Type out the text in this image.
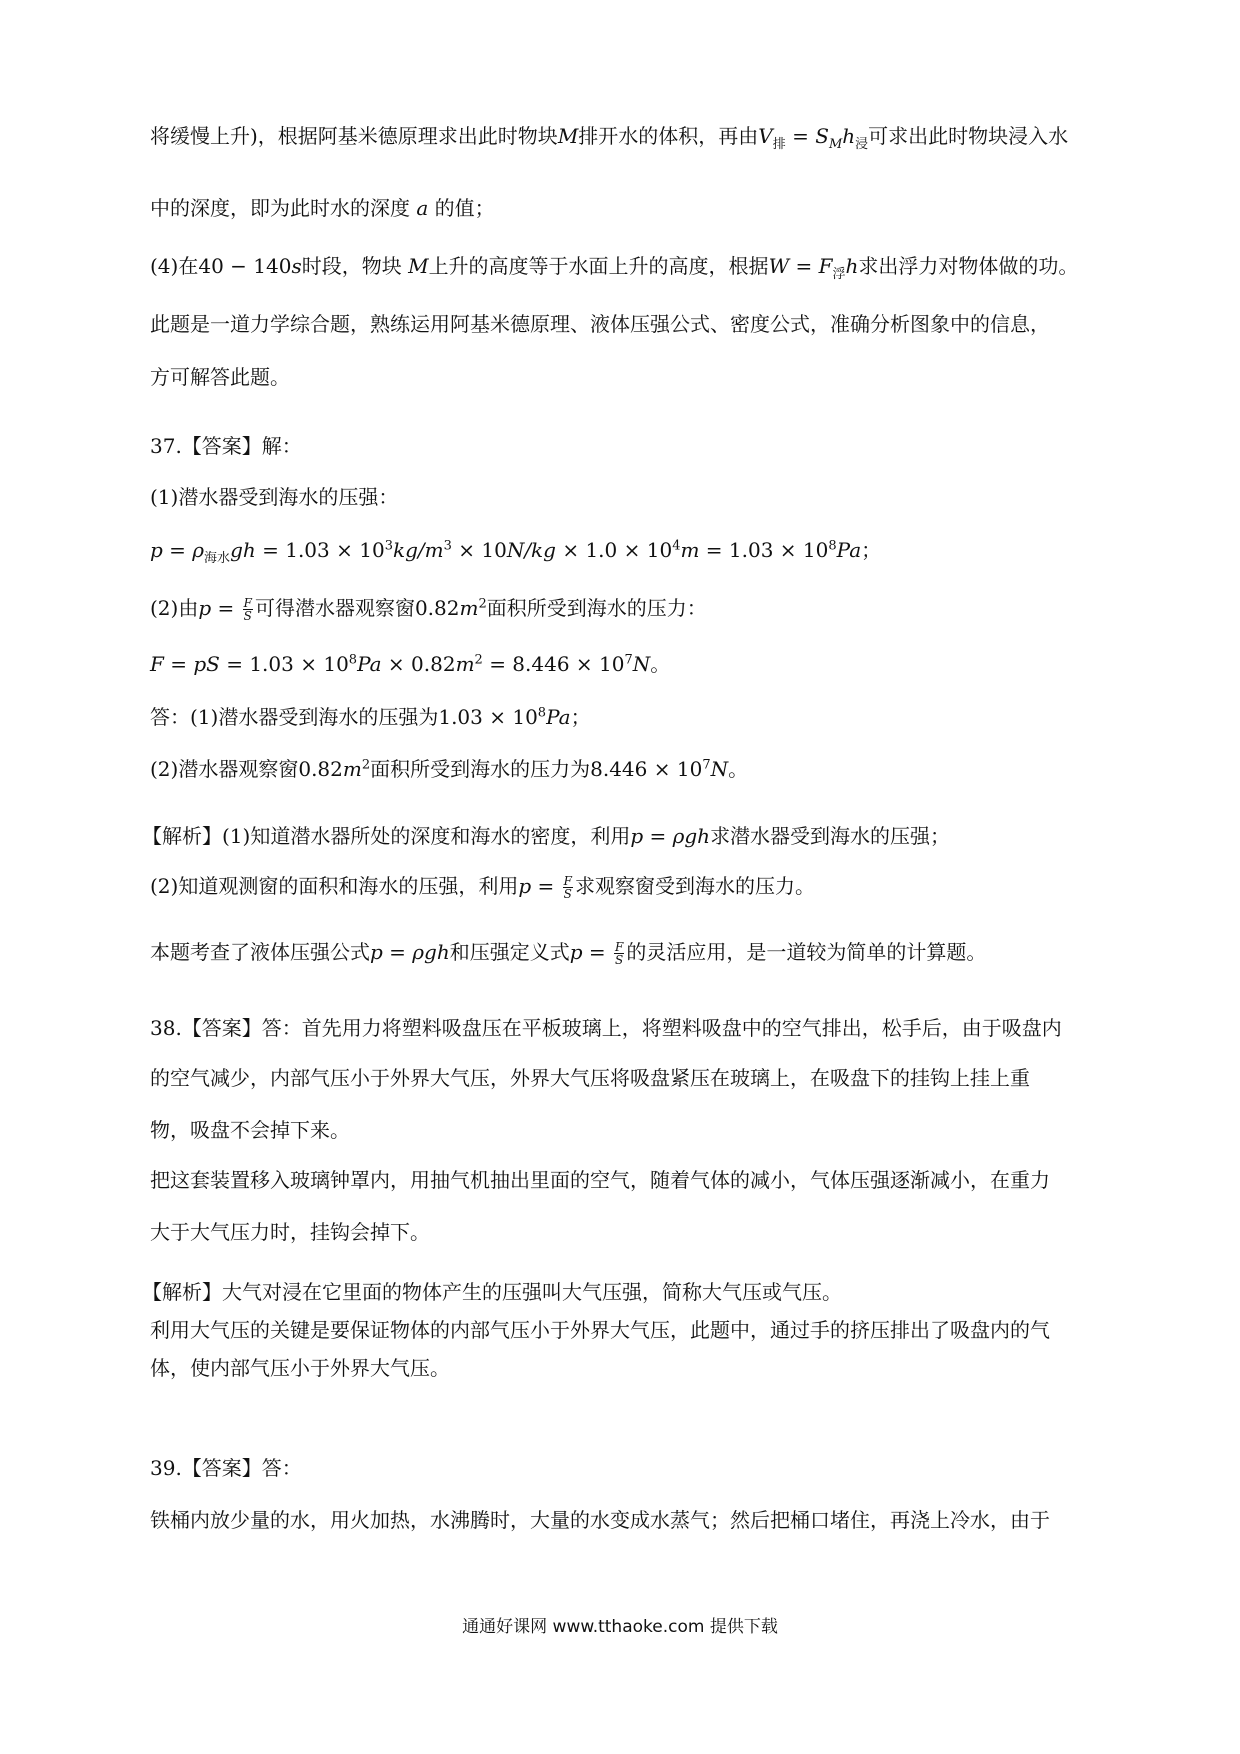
将缓慢上升)，根据阿基米德原理求出此时物块M排开水的体积，再由$V_排 = S_Mh_浸$可求出此时物块浸入水
中的深度，即为此时水的深度 a 的值；
(4)在40 − 140s时段，物块 M上升的高度等于水面上升的高度，根据$W = F_浮h$求出浮力对物体做的功。
此题是一道力学综合题，熟练运用阿基米德原理、液体压强公式、密度公式，准确分析图象中的信息，
方可解答此题。
37.【答案】解：
(1)潜水器受到海水的压强：
$p = \rho_{海水}gh = 1.03 \times 10^3kg/m^3 \times 10N/kg \times 1.0 \times 10^4m = 1.03 \times 10^8Pa$；
(2)由$p = \frac{F}{S}$ 可得潜水器观察窗$0.82m^2$面积所受到海水的压力：
F = pS = $1.03 \times 10^8Pa \times 0.82m^2 = 8.446 \times 10^7N$。
答：(1)潜水器受到海水的压强为$1.03 \times 10^8Pa$；
(2)潜水器观察窗$0.82m^2$面积所受到海水的压力为$8.446 \times 10^7N$。
【解析】(1)知道潜水器所处的深度和海水的密度，利用p = ρgh求潜水器受到海水的压强；
(2)知道观测窗的面积和海水的压强，利用$p = \frac{F}{S}$ 求观察窗受到海水的压力。
本题考查了液体压强公式p = ρgh和压强定义式$p = \frac{F}{S}$ 的灵活应用，是一道较为简单的计算题。
38.【答案】答：首先用力将塑料吸盘压在平板玻璃上，将塑料吸盘中的空气排出，松手后，由于吸盘内
的空气减少，内部气压小于外界大气压，外界大气压将吸盘紧压在玻璃上，在吸盘下的挂钩上挂上重
物，吸盘不会掉下来。
把这套装置移入玻璃钟罩内，用抽气机抽出里面的空气，随着气体的减小，气体压强逐渐减小，在重力
大于大气压力时，挂钩会掉下。
【解析】大气对浸在它里面的物体产生的压强叫大气压强，简称大气压或气压。
利用大气压的关键是要保证物体的内部气压小于外界大气压，此题中，通过手的挤压排出了吸盘内的气
体，使内部气压小于外界大气压。
39.【答案】答：
铁桶内放少量的水，用火加热，水沸腾时，大量的水变成水蒸气；然后把桶口堵住，再浇上冷水，由于
通通好课网 www.tthaoke.com 提供下载
